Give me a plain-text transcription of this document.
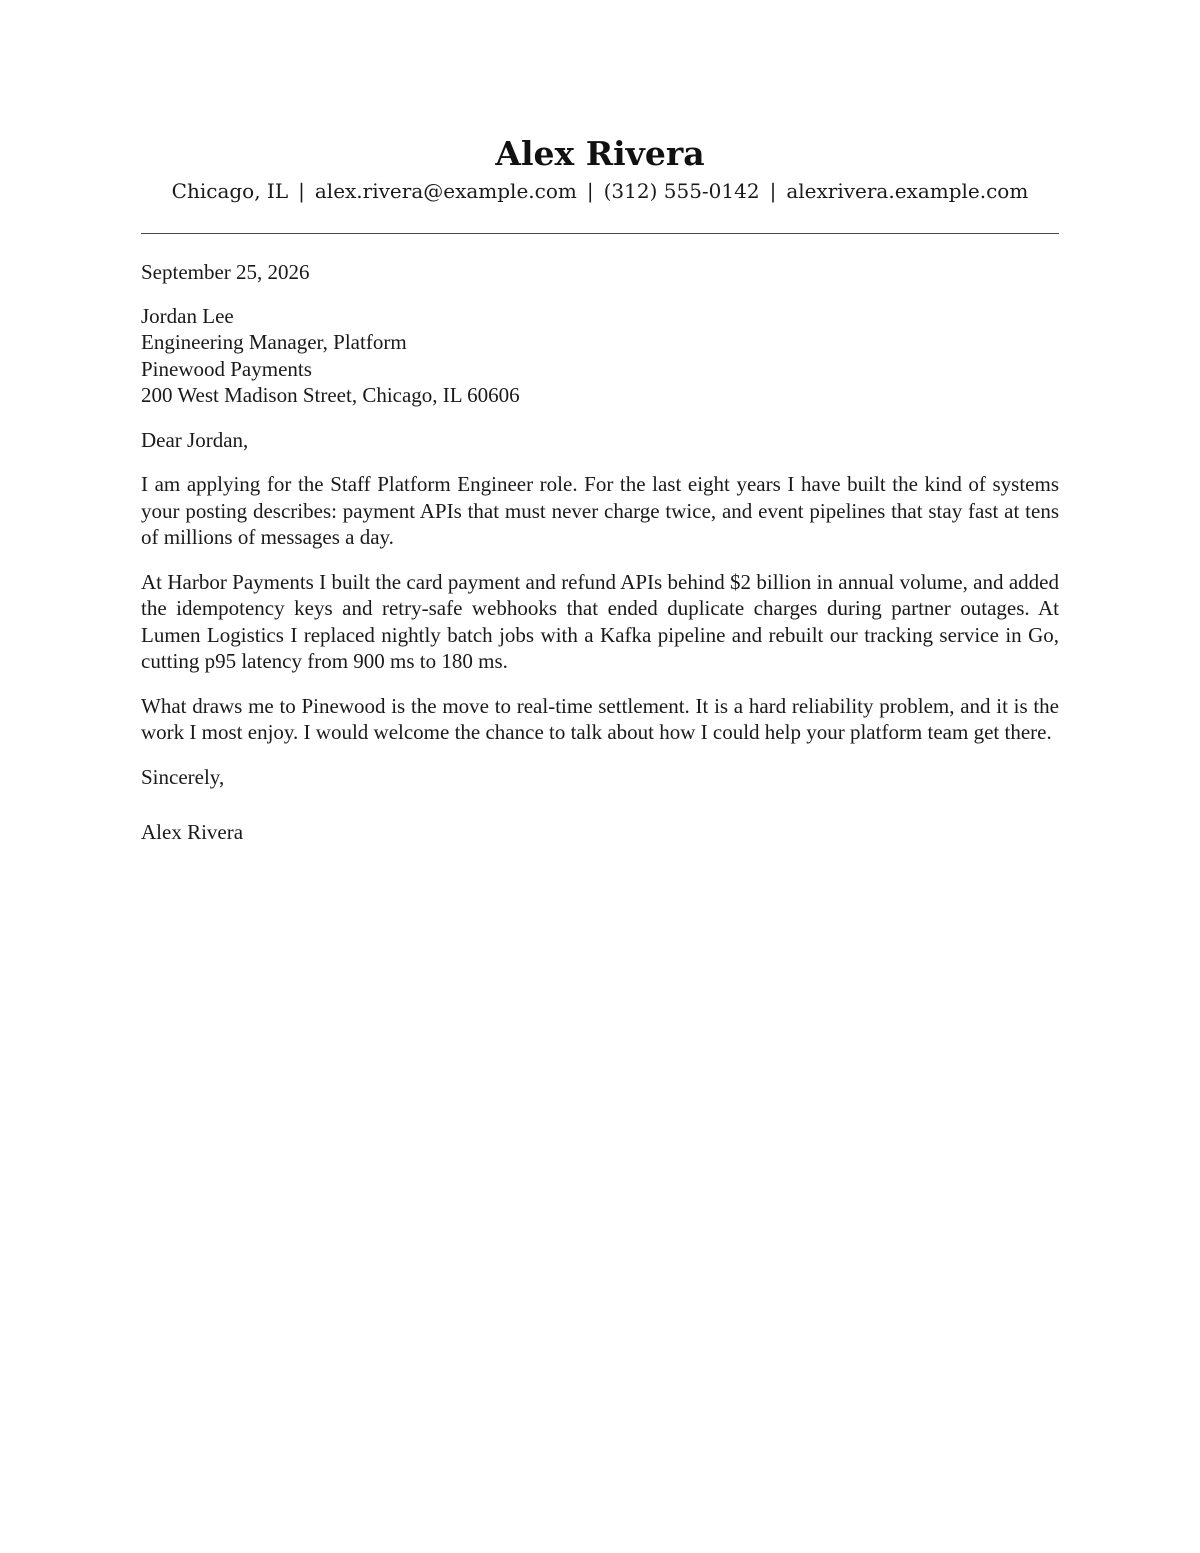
Alex Rivera
Chicago, IL | alex.rivera@example.com | (312) 555-0142 | alexrivera.example.com
September 25, 2026
Jordan Lee
Engineering Manager, Platform
Pinewood Payments
200 West Madison Street, Chicago, IL 60606
Dear Jordan,

I am applying for the Staff Platform Engineer role. For the last eight years I have built the kind of systems your posting describes: payment APIs that must never charge twice, and event pipelines that stay fast at tens of millions of messages a day.

At Harbor Payments I built the card payment and refund APIs behind $2 billion in annual volume, and added the idempotency keys and retry-safe webhooks that ended duplicate charges during partner outages. At Lumen Logistics I replaced nightly batch jobs with a Kafka pipeline and rebuilt our tracking service in Go, cutting p95 latency from 900 ms to 180 ms.

What draws me to Pinewood is the move to real-time settlement. It is a hard reliability problem, and it is the work I most enjoy. I would welcome the chance to talk about how I could help your platform team get there.

Sincerely,
Alex Rivera
